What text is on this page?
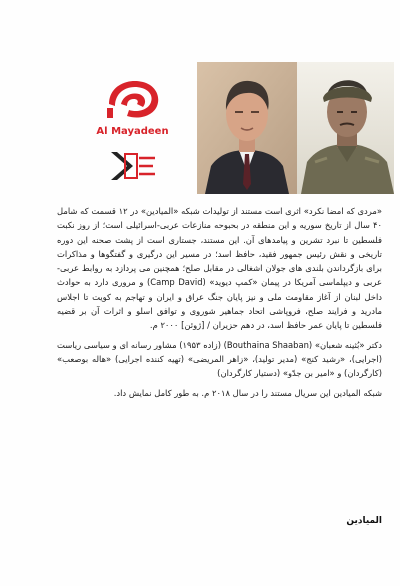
Al Mayadeen

«مردی که امضا نکرد» اثری است مستند از تولیدات شبکه «المیادین» در ۱۲ قسمت که شامل ۴۰ سال از تاریخ سوریه و این منطقه در بحبوحه منازعات عربی-اسرائیلی است؛ از روز نکبت فلسطین تا نبرد تشرین و پیامدهای آن. این مستند، جستاری است از پشت صحنه این دوره تاریخی و نقش رئیس جمهور فقید، حافظ اسد؛ در مسیر این درگیری و گفتگوها و مذاکرات برای بازگرداندن بلندی های جولان اشغالی در مقابل صلح؛ همچنین می پردازد به روابط عربی-عربی و دیپلماسی آمریکا در پیمان «کمپ دیوید» (Camp David) و مروری دارد به حوادث داخل لبنان از آغاز مقاومت ملی و نیز پایان جنگ عراق و ایران و تهاجم به کویت تا اجلاس مادرید و فرایند صلح، فروپاشی اتحاد جماهیر شوروی و توافق اسلو و اثرات آن بر قضیه فلسطین تا پایان عمر حافظ اسد، در دهم حزیران / [ژوئن] ۲۰۰۰ م.

دکتر «بُثینه شعبان» (Bouthaina Shaaban) (زاده ۱۹۵۳) مشاور رسانه ای و سیاسی ریاست (اجرایی)، «رشید کنج» (مدیر تولید)، «زاهر المریضی» (تهیه کننده اجرایی) «هاله بوصعب» (کارگردان) و «امیر بن جدّو» (دستیار کارگردان)

شبکه المیادین این سریال مستند را در سال ۲۰۱۸ م. به طور کامل نمایش داد.

المیادین
